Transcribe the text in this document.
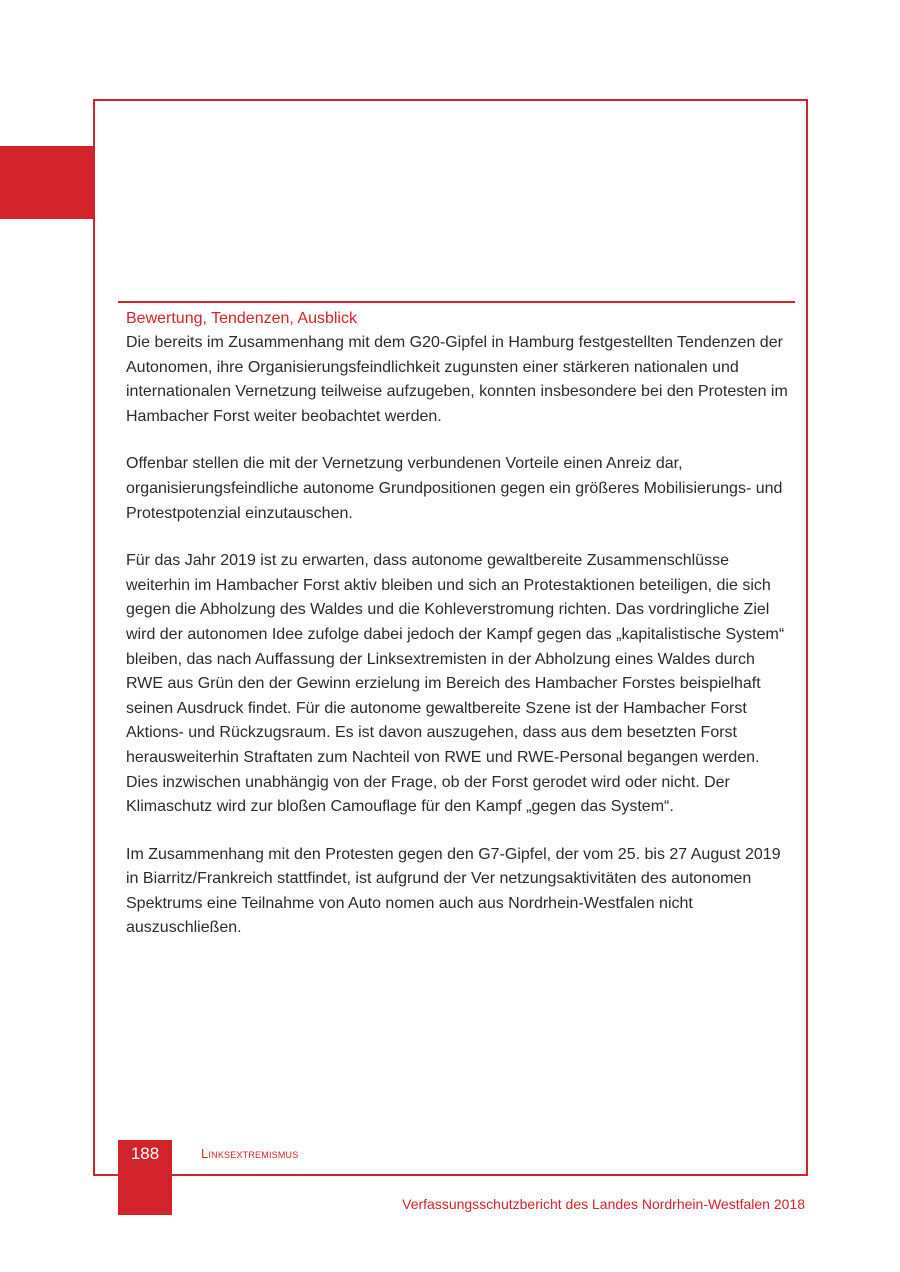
Bewertung, Tendenzen, Ausblick

Die bereits im Zusammenhang mit dem G20-Gipfel in Hamburg festgestellten Tendenzen der Autonomen, ihre Organisierungsfeindlichkeit zugunsten einer stärkeren nationalen und internationalen Vernetzung teilweise aufzugeben, konnten insbesondere bei den Protesten im Hambacher Forst weiter beobachtet werden.

Offenbar stellen die mit der Vernetzung verbundenen Vorteile einen Anreiz dar, organisierungsfeindliche autonome Grundpositionen gegen ein größeres Mobilisierungs- und Protestpotenzial einzutauschen.

Für das Jahr 2019 ist zu erwarten, dass autonome gewaltbereite Zusammenschlüsse weiterhin im Hambacher Forst aktiv bleiben und sich an Protestaktionen beteiligen, die sich gegen die Abholzung des Waldes und die Kohleverstromung richten. Das vordringliche Ziel wird der autonomen Idee zufolge dabei jedoch der Kampf gegen das „kapitalistische System“ bleiben, das nach Auffassung der Linksextremisten in der Abholzung eines Waldes durch RWE aus Grün den der Gewinn erzielung im Bereich des Hambacher Forstes beispielhaft seinen Ausdruck findet. Für die autonome gewaltbereite Szene ist der Hambacher Forst Aktions- und Rückzugsraum. Es ist davon auszugehen, dass aus dem besetzten Forst herausweiterhin Straftaten zum Nachteil von RWE und RWE-Personal begangen werden. Dies inzwischen unabhängig von der Frage, ob der Forst gerodet wird oder nicht. Der Klimaschutz wird zur bloßen Camouflage für den Kampf „gegen das System“.

Im Zusammenhang mit den Protesten gegen den G7-Gipfel, der vom 25. bis 27 August 2019 in Biarritz/Frankreich stattfindet, ist aufgrund der Ver netzungsaktivitäten des autonomen Spektrums eine Teilnahme von Auto nomen auch aus Nordrhein-Westfalen nicht auszuschließen.

188	Linksextremismus
Verfassungsschutzbericht des Landes Nordrhein-Westfalen 2018
